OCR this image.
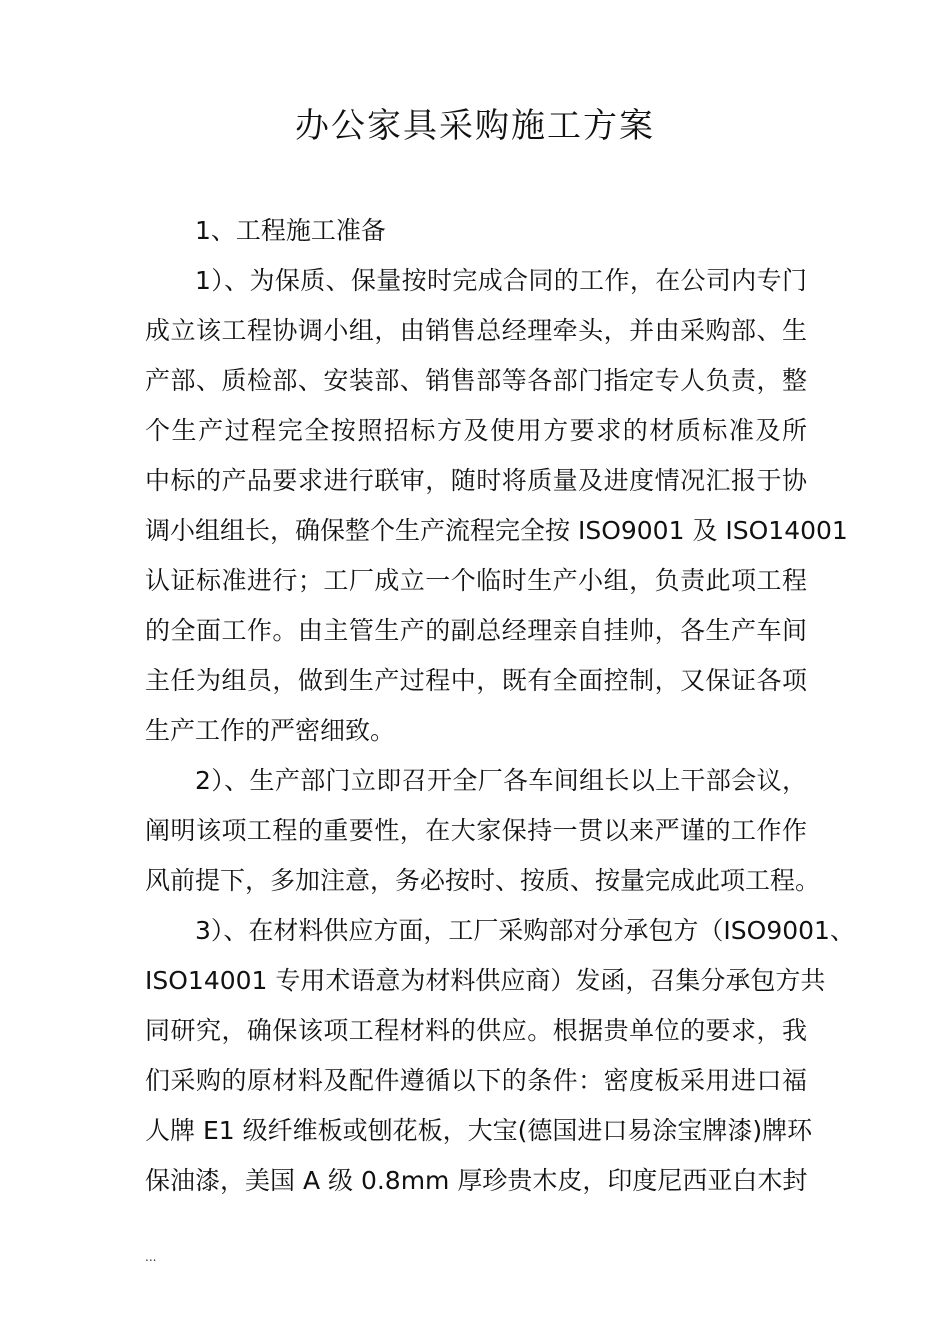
办公家具采购施工方案
1、工程施工准备
1）、为保质、保量按时完成合同的工作，在公司内专门
成立该工程协调小组，由销售总经理牵头，并由采购部、生
产部、质检部、安装部、销售部等各部门指定专人负责，整
个生产过程完全按照招标方及使用方要求的材质标准及所
中标的产品要求进行联审，随时将质量及进度情况汇报于协
调小组组长，确保整个生产流程完全按 ISO9001 及 ISO14001
认证标准进行；工厂成立一个临时生产小组，负责此项工程
的全面工作。由主管生产的副总经理亲自挂帅，各生产车间
主任为组员，做到生产过程中，既有全面控制，又保证各项
生产工作的严密细致。
2）、生产部门立即召开全厂各车间组长以上干部会议，
阐明该项工程的重要性，在大家保持一贯以来严谨的工作作
风前提下，多加注意，务必按时、按质、按量完成此项工程。
3）、在材料供应方面，工厂采购部对分承包方（ISO9001、
ISO14001 专用术语意为材料供应商）发函，召集分承包方共
同研究，确保该项工程材料的供应。根据贵单位的要求，我
们采购的原材料及配件遵循以下的条件：密度板采用进口福
人牌 E1 级纤维板或刨花板，大宝(德国进口易涂宝牌漆)牌环
保油漆，美国 A 级 0.8mm 厚珍贵木皮，印度尼西亚白木封
...
